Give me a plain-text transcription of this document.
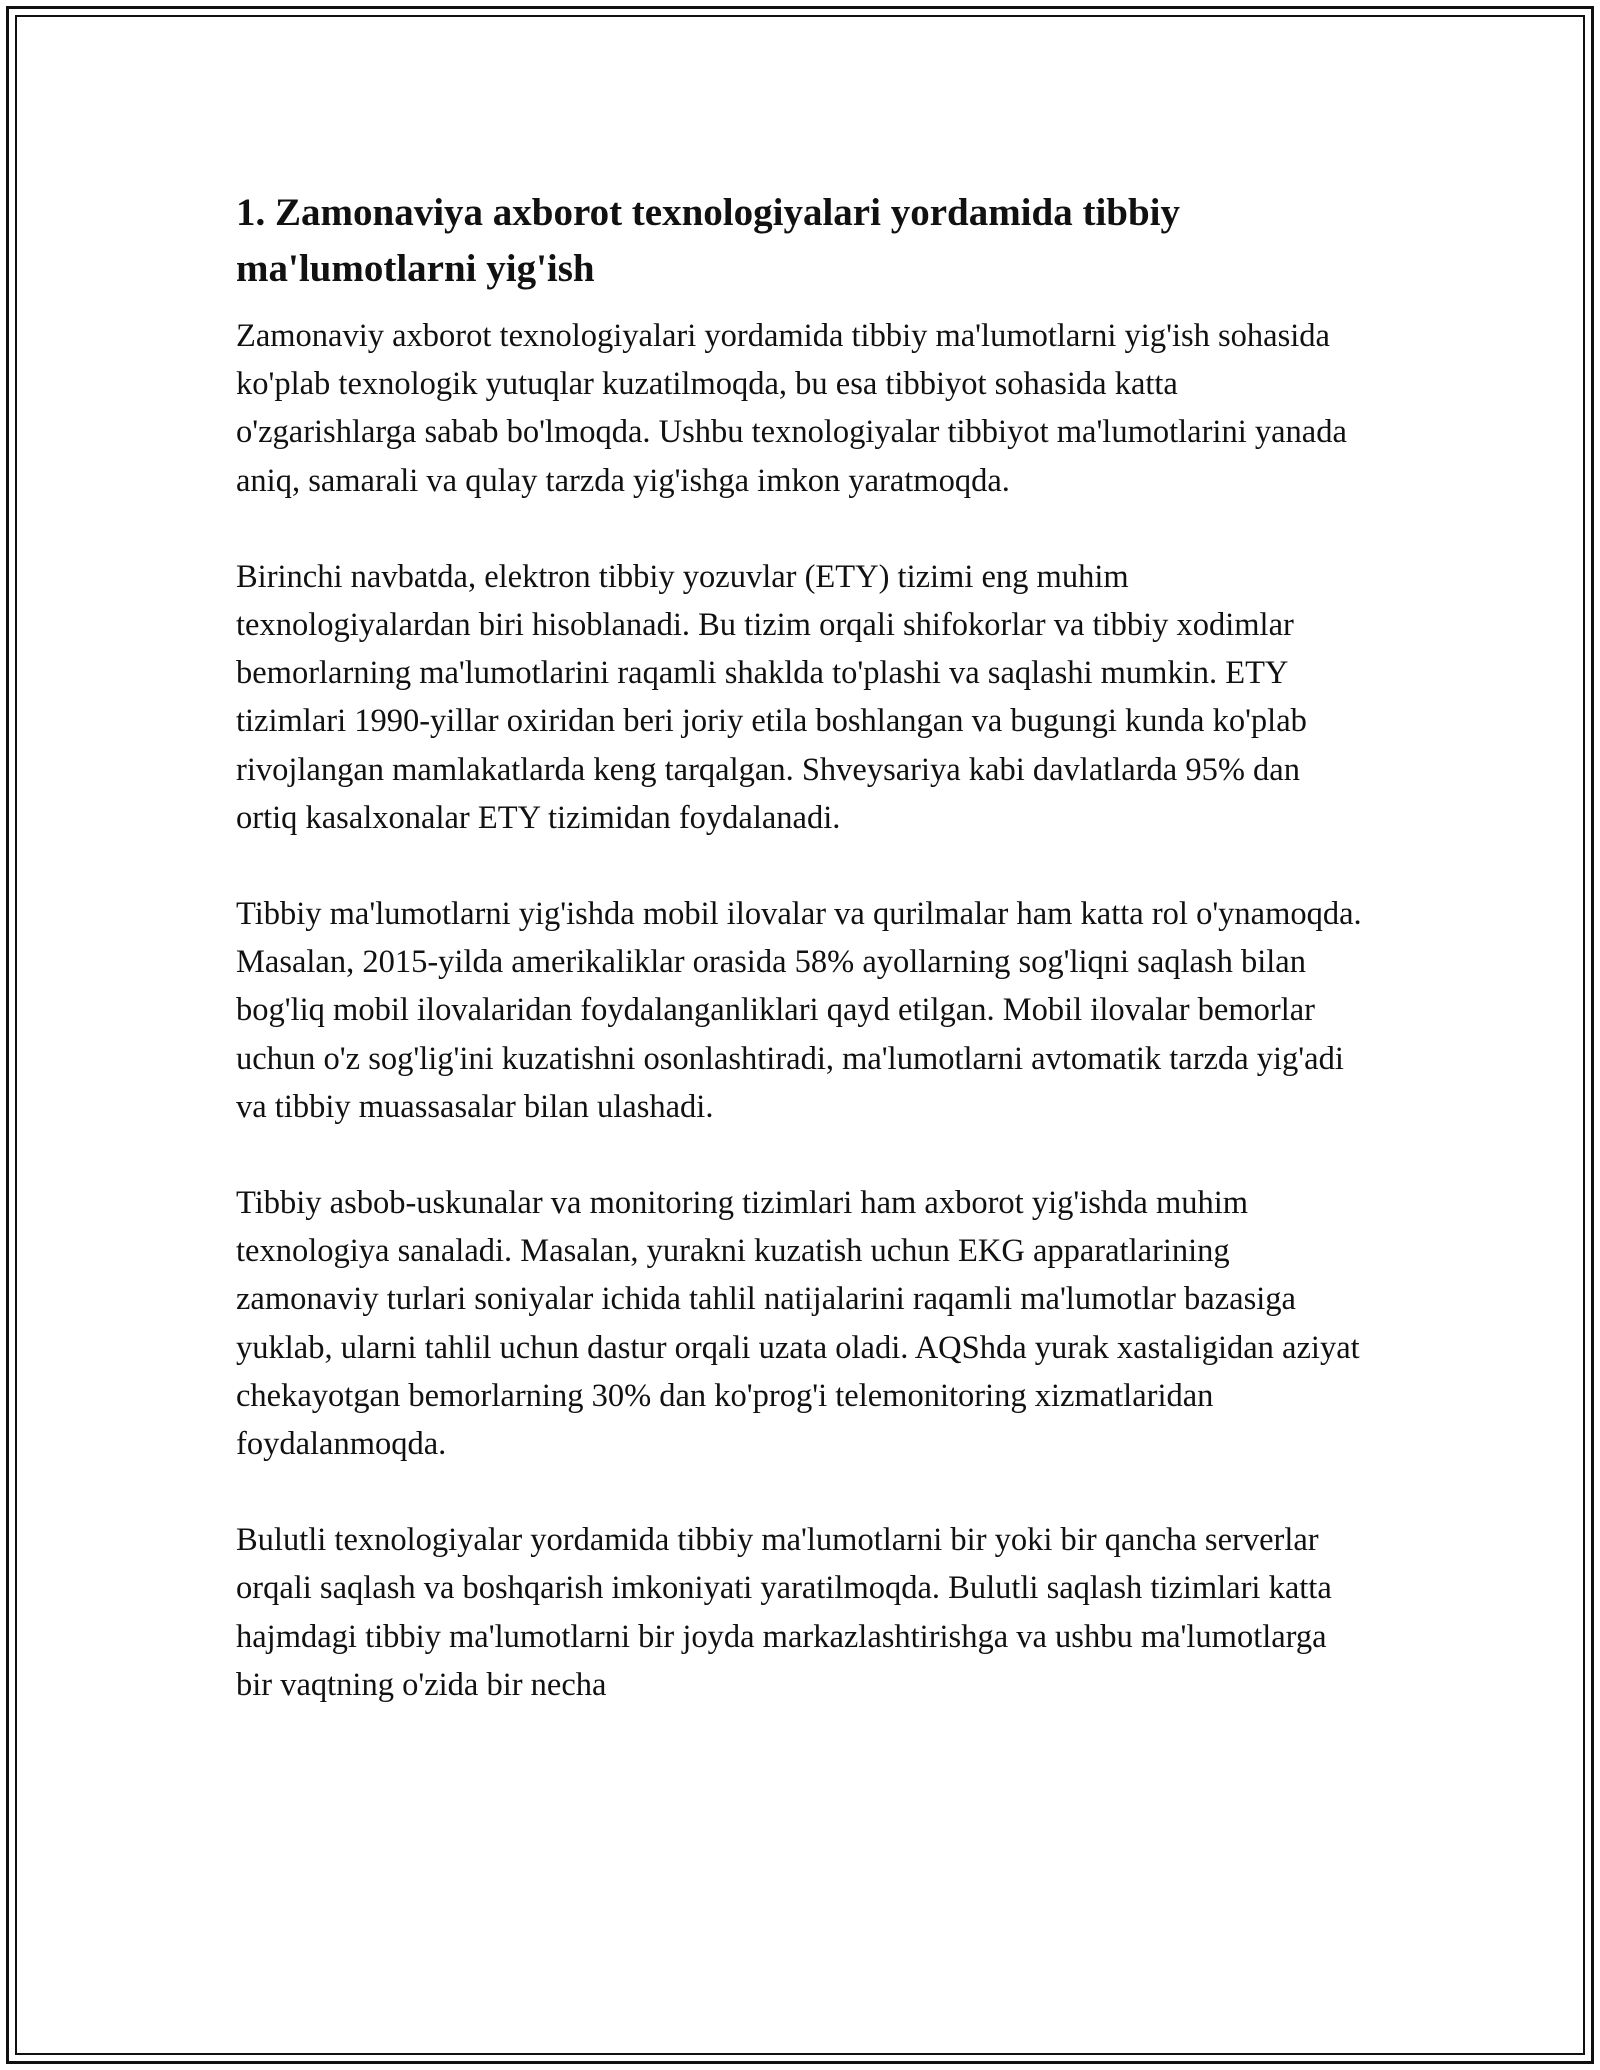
1. Zamonaviya axborot texnologiyalari yordamida tibbiy ma'lumotlarni yig'ish

Zamonaviy axborot texnologiyalari yordamida tibbiy ma'lumotlarni yig'ish sohasida ko'plab texnologik yutuqlar kuzatilmoqda, bu esa tibbiyot sohasida katta o'zgarishlarga sabab bo'lmoqda. Ushbu texnologiyalar tibbiyot ma'lumotlarini yanada aniq, samarali va qulay tarzda yig'ishga imkon yaratmoqda.

Birinchi navbatda, elektron tibbiy yozuvlar (ETY) tizimi eng muhim texnologiyalardan biri hisoblanadi. Bu tizim orqali shifokorlar va tibbiy xodimlar bemorlarning ma'lumotlarini raqamli shaklda to'plashi va saqlashi mumkin. ETY tizimlari 1990-yillar oxiridan beri joriy etila boshlangan va bugungi kunda ko'plab rivojlangan mamlakatlarda keng tarqalgan. Shveysariya kabi davlatlarda 95% dan ortiq kasalxonalar ETY tizimidan foydalanadi.

Tibbiy ma'lumotlarni yig'ishda mobil ilovalar va qurilmalar ham katta rol o'ynamoqda. Masalan, 2015-yilda amerikaliklar orasida 58% ayollarning sog'liqni saqlash bilan bog'liq mobil ilovalaridan foydalanganliklari qayd etilgan. Mobil ilovalar bemorlar uchun o'z sog'lig'ini kuzatishni osonlashtiradi, ma'lumotlarni avtomatik tarzda yig'adi va tibbiy muassasalar bilan ulashadi.

Tibbiy asbob-uskunalar va monitoring tizimlari ham axborot yig'ishda muhim texnologiya sanaladi. Masalan, yurakni kuzatish uchun EKG apparatlarining zamonaviy turlari soniyalar ichida tahlil natijalarini raqamli ma'lumotlar bazasiga yuklab, ularni tahlil uchun dastur orqali uzata oladi. AQShda yurak xastaligidan aziyat chekayotgan bemorlarning 30% dan ko'prog'i telemonitoring xizmatlaridan foydalanmoqda.

Bulutli texnologiyalar yordamida tibbiy ma'lumotlarni bir yoki bir qancha serverlar orqali saqlash va boshqarish imkoniyati yaratilmoqda. Bulutli saqlash tizimlari katta hajmdagi tibbiy ma'lumotlarni bir joyda markazlashtirishga va ushbu ma'lumotlarga bir vaqtning o'zida bir necha
